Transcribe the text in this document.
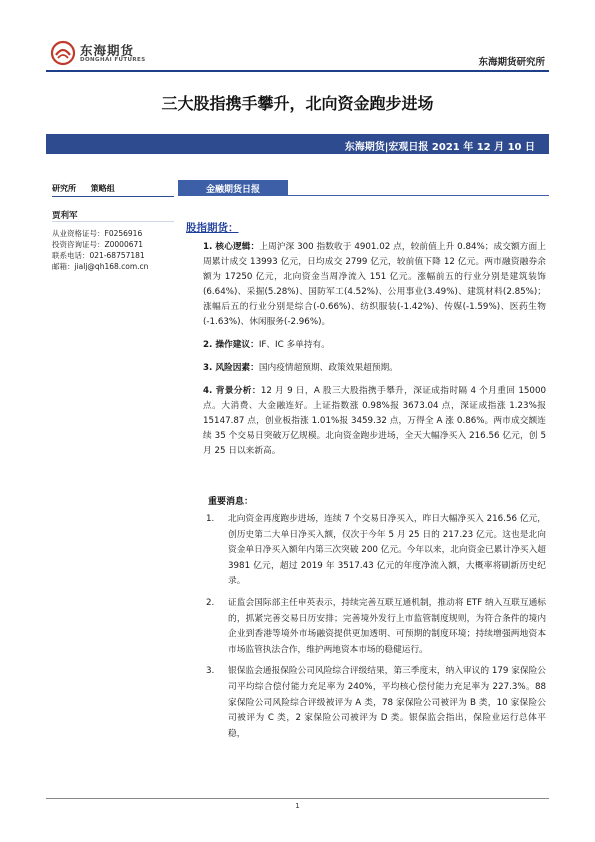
东海期货
DONGHAI FUTURES	东海期货研究所
三大股指携手攀升，北向资金跑步进场
东海期货|宏观日报 2021 年 12 月 10 日
研究所 策略组
贾利军
从业资格证号：F0256916
投资咨询证号：Z0000671
联系电话：021-68757181
邮箱：jialj@qh168.com.cn
金融期货日报
股指期货：

1. 核心逻辑：上周沪深 300 指数收于 4901.02 点，较前值上升 0.84%；成交额方面上周累计成交 13993 亿元，日均成交 2799 亿元，较前值下降 12 亿元。两市融资融券余额为 17250 亿元，北向资金当周净流入 151 亿元。涨幅前五的行业分别是建筑装饰(6.64%)、采掘(5.28%)、国防军工(4.52%)、公用事业(3.49%)、建筑材料(2.85%)；涨幅后五的行业分别是综合(-0.66%)、纺织服装(-1.42%)、传媒(-1.59%)、医药生物(-1.63%)、休闲服务(-2.96%)。

2. 操作建议：IF、IC 多单持有。

3. 风险因素：国内疫情超预期、政策效果超预期。

4. 背景分析：12 月 9 日，A 股三大股指携手攀升，深证成指时隔 4 个月重回 15000 点。大消费、大金融连好。上证指数涨 0.98%报 3673.04 点，深证成指涨 1.23%报 15147.87 点，创业板指涨 1.01%报 3459.32 点，万得全 A 涨 0.86%。两市成交额连续 35 个交易日突破万亿规模。北向资金跑步进场，全天大幅净买入 216.56 亿元，创 5 月 25 日以来新高。

重要消息：
1. 北向资金再度跑步进场，连续 7 个交易日净买入，昨日大幅净买入 216.56 亿元，创历史第二大单日净买入额，仅次于今年 5 月 25 日的 217.23 亿元。这也是北向资金单日净买入额年内第三次突破 200 亿元。今年以来，北向资金已累计净买入超 3981 亿元，超过 2019 年 3517.43 亿元的年度净流入额，大概率将刷新历史纪录。
2. 证监会国际部主任申英表示，持续完善互联互通机制，推动将 ETF 纳入互联互通标的，抓紧完善交易日历安排；完善境外发行上市监管制度规则，为符合条件的境内企业到香港等境外市场融资提供更加透明、可预期的制度环境；持续增强两地资本市场监管执法合作，维护两地资本市场的稳健运行。
3. 银保监会通报保险公司风险综合评级结果，第三季度末，纳入审议的 179 家保险公司平均综合偿付能力充足率为 240%，平均核心偿付能力充足率为 227.3%。88 家保险公司风险综合评级被评为 A 类，78 家保险公司被评为 B 类，10 家保险公司被评为 C 类，2 家保险公司被评为 D 类。银保监会指出，保险业运行总体平稳，
1
